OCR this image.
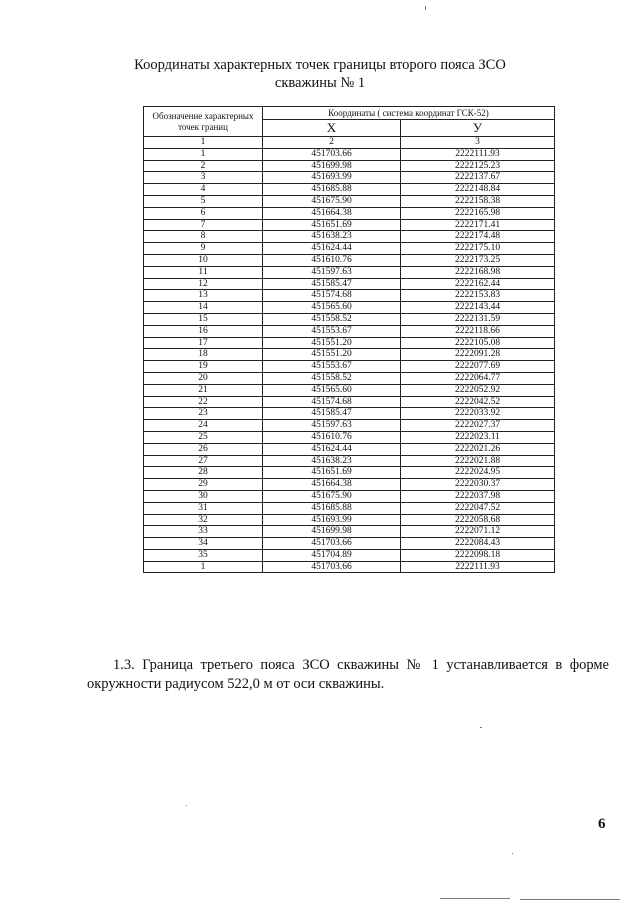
Координаты характерных точек границы второго пояса ЗСО
скважины № 1
Обозначение характерных точек границ	Координаты ( система координат ГСК-52)	
	X	У
1	2	3
1	451703.66	2222111.93
2	451699.98	2222125.23
3	451693.99	2222137.67
4	451685.88	2222148.84
5	451675.90	2222158.38
6	451664.38	2222165.98
7	451651.69	2222171.41
8	451638.23	2222174.48
9	451624.44	2222175.10
10	451610.76	2222173.25
11	451597.63	2222168.98
12	451585.47	2222162.44
13	451574.68	2222153.83
14	451565.60	2222143.44
15	451558.52	2222131.59
16	451553.67	2222118.66
17	451551.20	2222105.08
18	451551.20	2222091.28
19	451553.67	2222077.69
20	451558.52	2222064.77
21	451565.60	2222052.92
22	451574.68	2222042.52
23	451585.47	2222033.92
24	451597.63	2222027.37
25	451610.76	2222023.11
26	451624.44	2222021.26
27	451638.23	2222021.88
28	451651.69	2222024.95
29	451664.38	2222030.37
30	451675.90	2222037.98
31	451685.88	2222047.52
32	451693.99	2222058.68
33	451699.98	2222071.12
34	451703.66	2222084.43
35	451704.89	2222098.18
1	451703.66	2222111.93
1.3. Граница третьего пояса ЗСО скважины № 1 устанавливается в форме окружности радиусом 522,0 м от оси скважины.
6
